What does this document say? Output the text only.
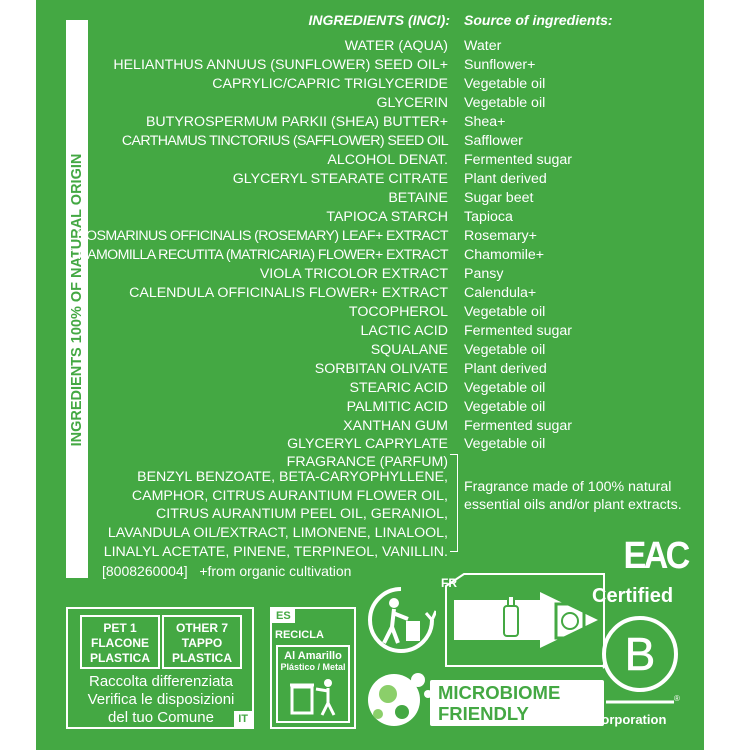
INGREDIENTS 100% OF NATURAL ORIGIN
INGREDIENTS (INCI): Source of ingredients:
WATER (AQUA) Water
HELIANTHUS ANNUUS (SUNFLOWER) SEED OIL+ Sunflower+
CAPRYLIC/CAPRIC TRIGLYCERIDE Vegetable oil
GLYCERIN Vegetable oil
BUTYROSPERMUM PARKII (SHEA) BUTTER+ Shea+
CARTHAMUS TINCTORIUS (SAFFLOWER) SEED OIL Safflower
ALCOHOL DENAT. Fermented sugar
GLYCERYL STEARATE CITRATE Plant derived
BETAINE Sugar beet
TAPIOCA STARCH Tapioca
ROSMARINUS OFFICINALIS (ROSEMARY) LEAF+ EXTRACT Rosemary+
CHAMOMILLA RECUTITA (MATRICARIA) FLOWER+ EXTRACT Chamomile+
VIOLA TRICOLOR EXTRACT Pansy
CALENDULA OFFICINALIS FLOWER+ EXTRACT Calendula+
TOCOPHEROL Vegetable oil
LACTIC ACID Fermented sugar
SQUALANE Vegetable oil
SORBITAN OLIVATE Plant derived
STEARIC ACID Vegetable oil
PALMITIC ACID Vegetable oil
XANTHAN GUM Fermented sugar
GLYCERYL CAPRYLATE Vegetable oil
FRAGRANCE (PARFUM)
BENZYL BENZOATE, BETA-CARYOPHYLLENE,
CAMPHOR, CITRUS AURANTIUM FLOWER OIL,
CITRUS AURANTIUM PEEL OIL, GERANIOL,
LAVANDULA OIL/EXTRACT, LIMONENE, LINALOOL,
LINALYL ACETATE, PINENE, TERPINEOL, VANILLIN.
Fragrance made of 100% natural essential oils and/or plant extracts.
[8008260004] +from organic cultivation
PET 1
FLACONE
PLASTICA
OTHER 7
TAPPO
PLASTICA
Raccolta differenziata
Verifica le disposizioni
del tuo Comune	IT
ES
RECICLA
Al Amarillo
Plástico / Metal
FR
MICROBIOME
FRIENDLY
*
EAC
Certified
B
®
Corporation
